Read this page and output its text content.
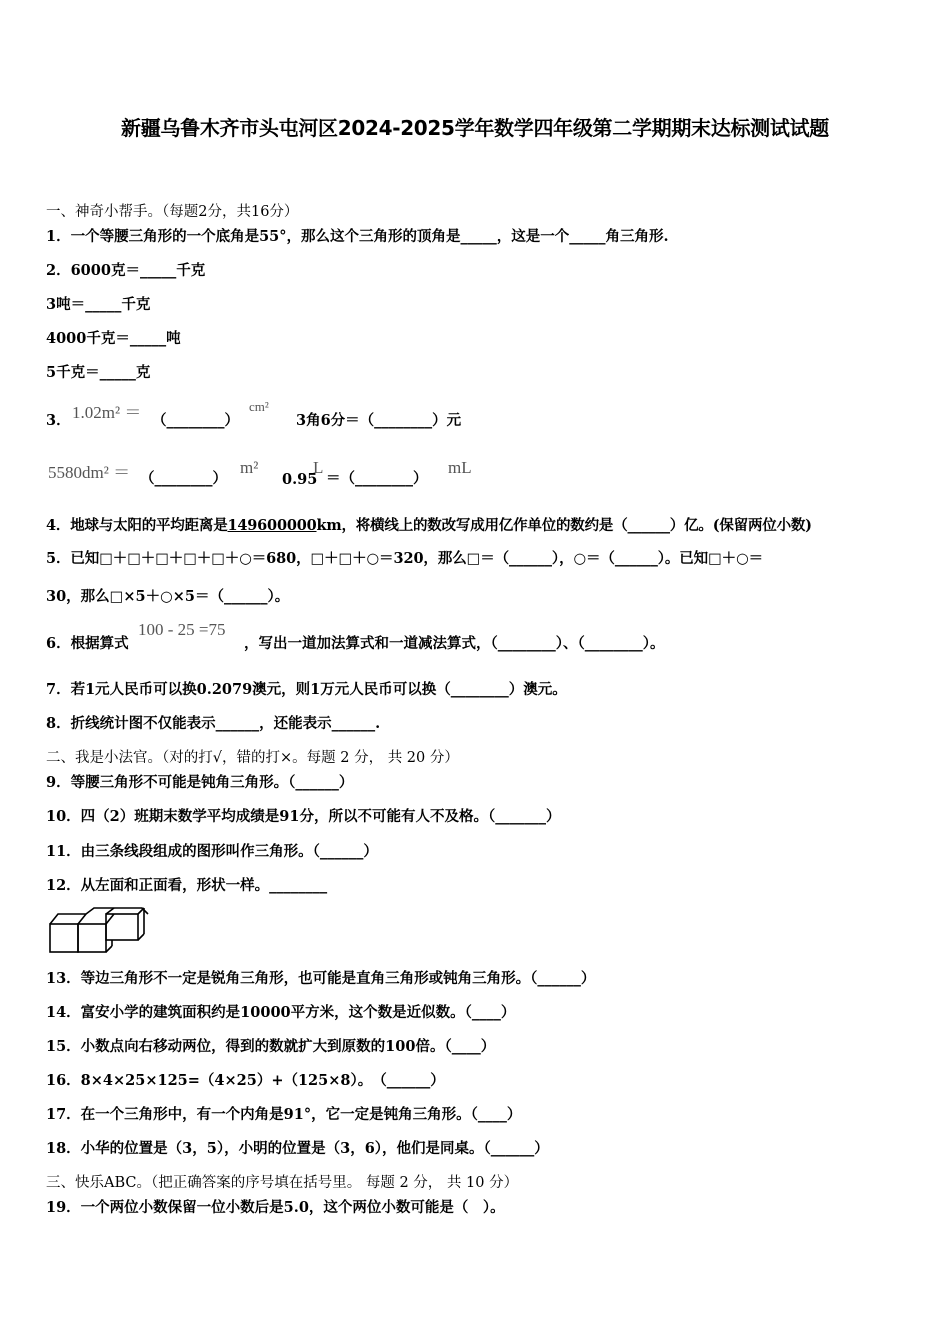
新疆乌鲁木齐市头屯河区2024-2025学年数学四年级第二学期期末达标测试试题
一、神奇小帮手。（每题2分，共16分）
1．一个等腰三角形的一个底角是55°，那么这个三角形的顶角是_____，这是一个_____角三角形.
2．6000克＝_____千克
3吨＝_____千克
4000千克＝_____吨
5千克＝_____克
3． 1.02m² ＝ （________）
cm²
3角6分＝（________）元
5580dm² ＝ （________）
m²
0.95
L
＝（________）
mL
4．地球与太阳的平均距离是149600000km，将横线上的数改写成用亿作单位的数约是（______）亿。(保留两位小数)
5．已知□＋□＋□＋□＋□＋○＝680，□＋□＋○＝320，那么□＝（______），○＝（______）。已知□＋○＝
30，那么□×5＋○×5＝（______）。
6．根据算式
100 - 25 =75
，写出一道加法算式和一道减法算式，（________）、（________）。
7．若1元人民币可以换0.2079澳元，则1万元人民币可以换（________）澳元。
8．折线统计图不仅能表示______，还能表示______.
二、我是小法官。（对的打√，错的打×。每题 2 分， 共 20 分）
9．等腰三角形不可能是钝角三角形。（______）
10．四（2）班期末数学平均成绩是91分，所以不可能有人不及格。（_______）
11．由三条线段组成的图形叫作三角形。（______）
12．从左面和正面看，形状一样。________
13．等边三角形不一定是锐角三角形，也可能是直角三角形或钝角三角形。（______）
14．富安小学的建筑面积约是10000平方米，这个数是近似数。（____）
15．小数点向右移动两位，得到的数就扩大到原数的100倍。（____）
16．8×4×25×125=（4×25）+（125×8）。　（______）
17．在一个三角形中，有一个内角是91°，它一定是钝角三角形。（____）
18．小华的位置是（3，5），小明的位置是（3，6），他们是同桌。（______）
三、快乐ABC。（把正确答案的序号填在括号里。 每题 2 分， 共 10 分）
19．一个两位小数保留一位小数后是5.0，这个两位小数可能是（　）。
